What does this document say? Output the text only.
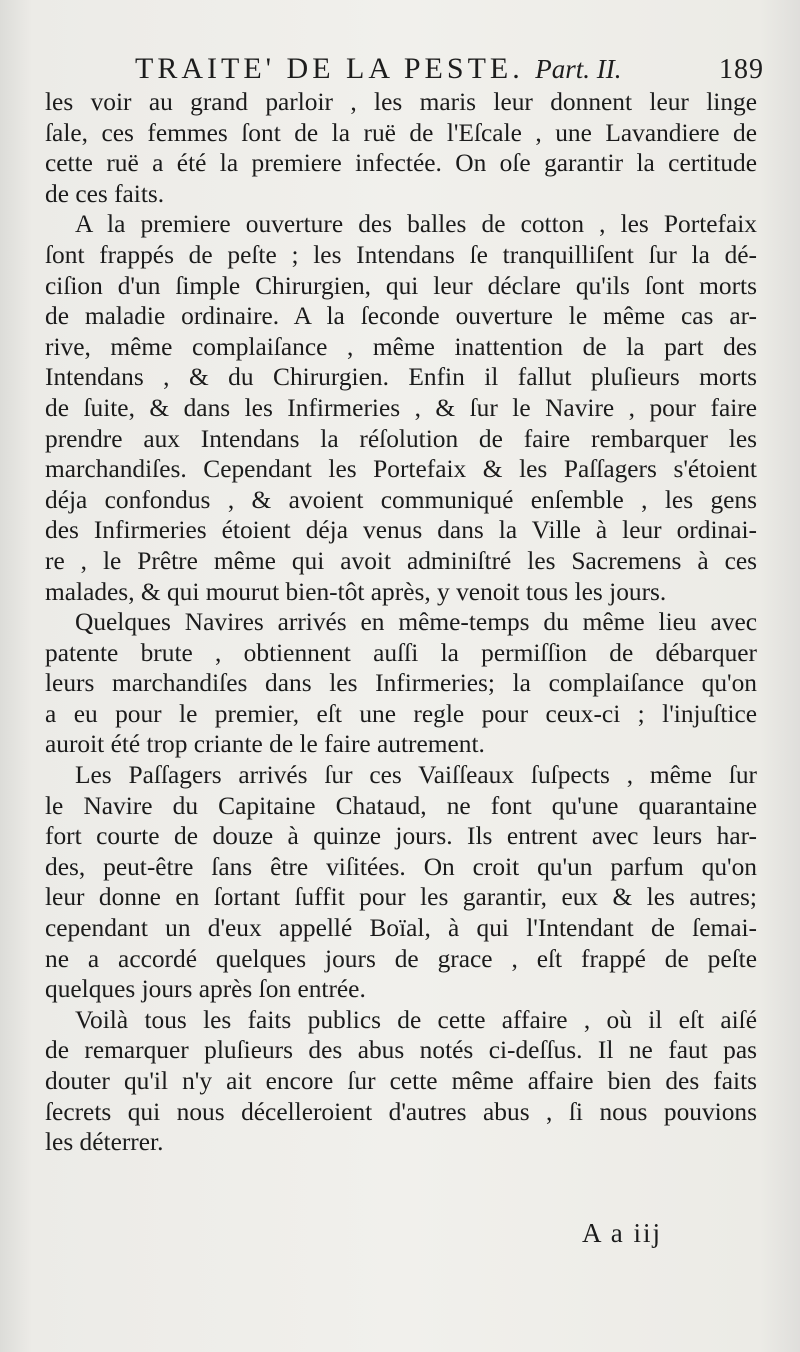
TRAITE' DE LA PESTE. Part. II.	189
les voir au grand parloir , les maris leur donnent leur linge
ſale, ces femmes ſont de la ruë de l'Eſcale , une Lavandiere de
cette ruë a été la premiere infectée. On oſe garantir la certitude
de ces faits.
A la premiere ouverture des balles de cotton , les Portefaix
ſont frappés de peſte ; les Intendans ſe tranquilliſent ſur la dé-
ciſion d'un ſimple Chirurgien, qui leur déclare qu'ils ſont morts
de maladie ordinaire. A la ſeconde ouverture le même cas ar-
rive, même complaiſance , même inattention de la part des
Intendans , & du Chirurgien. Enfin il fallut pluſieurs morts
de ſuite, & dans les Infirmeries , & ſur le Navire , pour faire
prendre aux Intendans la réſolution de faire rembarquer les
marchandiſes. Cependant les Portefaix & les Paſſagers s'étoient
déja confondus , & avoient communiqué enſemble , les gens
des Infirmeries étoient déja venus dans la Ville à leur ordinai-
re , le Prêtre même qui avoit adminiſtré les Sacremens à ces
malades, & qui mourut bien-tôt après, y venoit tous les jours.
Quelques Navires arrivés en même-temps du même lieu avec
patente brute , obtiennent auſſi la permiſſion de débarquer
leurs marchandiſes dans les Infirmeries; la complaiſance qu'on
a eu pour le premier, eſt une regle pour ceux-ci ; l'injuſtice
auroit été trop criante de le faire autrement.
Les Paſſagers arrivés ſur ces Vaiſſeaux ſuſpects , même ſur
le Navire du Capitaine Chataud, ne font qu'une quarantaine
fort courte de douze à quinze jours. Ils entrent avec leurs har-
des, peut-être ſans être viſitées. On croit qu'un parfum qu'on
leur donne en ſortant ſuffit pour les garantir, eux & les autres;
cependant un d'eux appellé Boïal, à qui l'Intendant de ſemai-
ne a accordé quelques jours de grace , eſt frappé de peſte
quelques jours après ſon entrée.
Voilà tous les faits publics de cette affaire , où il eſt aiſé
de remarquer pluſieurs des abus notés ci-deſſus. Il ne faut pas
douter qu'il n'y ait encore ſur cette même affaire bien des faits
ſecrets qui nous décelleroient d'autres abus , ſi nous pouvions
les déterrer.
A a iij
